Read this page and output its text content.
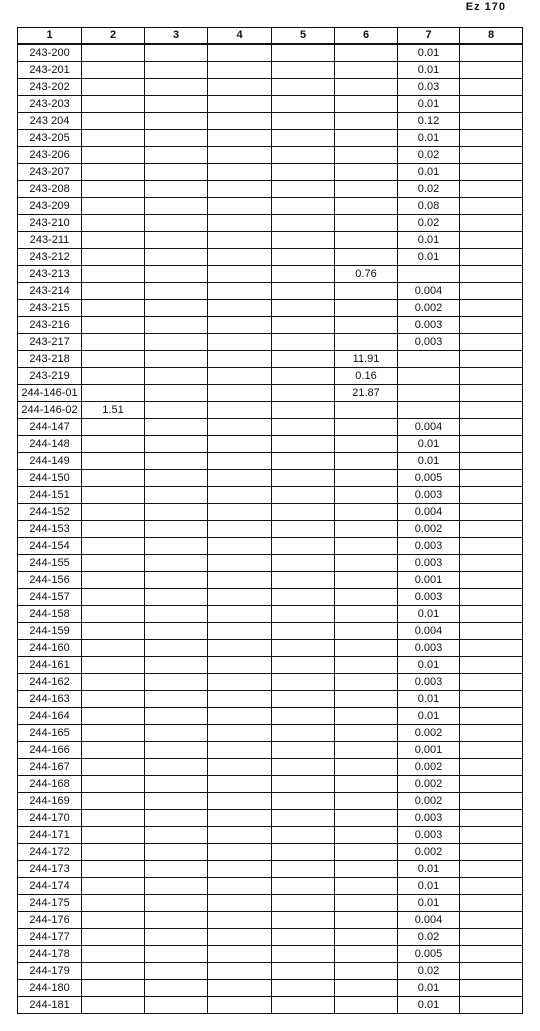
Еz 170
1	2	3	4	5	6	7	8
243-200						0.01	
243-201						0.01	
243-202						0.03	
243-203						0.01	
243 204						0.12	
243-205						0.01	
243-206						0.02	
243-207						0.01	
243-208						0.02	
243-209						0.08	
243-210						0.02	
243-211						0.01	
243-212						0.01	
243-213					0.76		
243-214						0.004	
243-215						0.002	
243-216						0.003	
243-217						0.003	
243-218					11.91		
243-219					0.16		
244-146-01					21.87		
244-146-02	1.51						
244-147						0.004	
244-148						0.01	
244-149						0.01	
244-150						0.005	
244-151						0.003	
244-152						0.004	
244-153						0.002	
244-154						0.003	
244-155						0.003	
244-156						0.001	
244-157						0.003	
244-158						0.01	
244-159						0.004	
244-160						0.003	
244-161						0.01	
244-162						0.003	
244-163						0.01	
244-164						0.01	
244-165						0.002	
244-166						0.001	
244-167						0.002	
244-168						0.002	
244-169						0.002	
244-170						0.003	
244-171						0.003	
244-172						0.002	
244-173						0.01	
244-174						0.01	
244-175						0.01	
244-176						0.004	
244-177						0.02	
244-178						0.005	
244-179						0.02	
244-180						0.01	
244-181						0.01	
